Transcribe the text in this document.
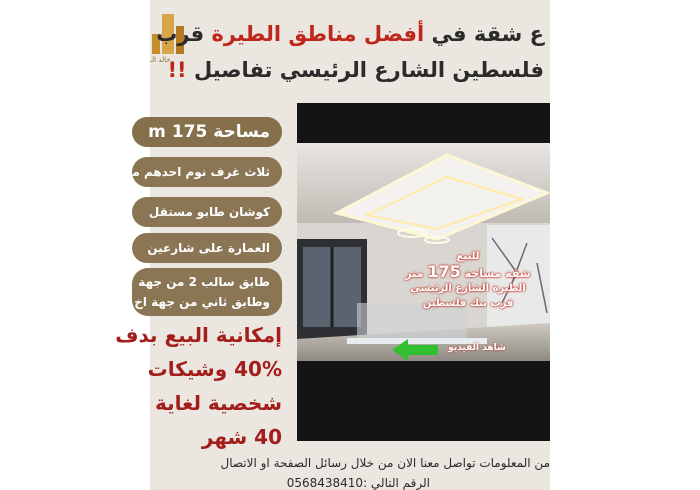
خالد الـ
ع شقة في أفضل مناطق الطيرة قرب
فلسطين الشارع الرئيسي تفاصيل !!
مساحة 175 m
ثلاث غرف نوم احدهم ما
كوشان طابو مستقل
العمارة على شارعين
طابق سالب 2 من جهة
وطابق ثاني من جهة اخ
إمكانية البيع بدف
40% وشيكات
شخصية لغاية
40 شهر
للبيع
شقة مساحة 175 متر
الطيرة الشارع الرئيسي
قرب بنك فلسطين
شاهد الفيديو
من المعلومات تواصل معنا الان من خلال رسائل الصفحة او الاتصال
الرقم التالي :0568438410
